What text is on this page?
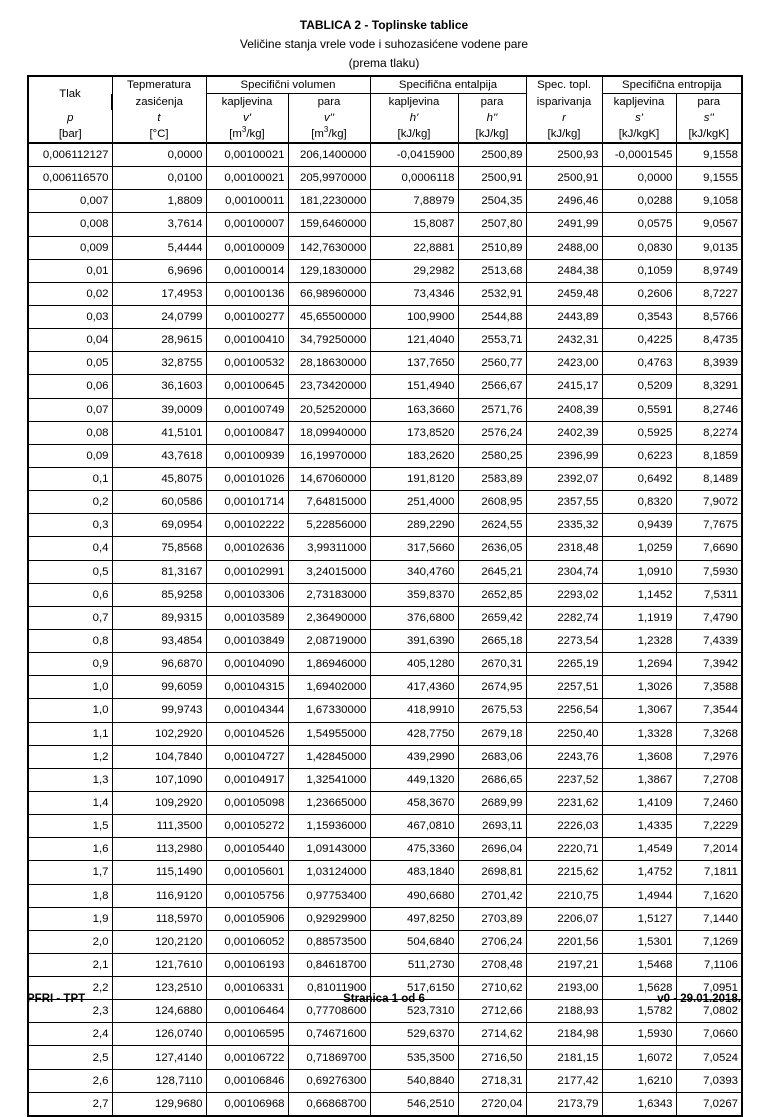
TABLICA 2 - Toplinske tablice
Veličine stanja vrele vode i suhozasićene vodene pare
(prema tlaku)
Tlak	Tepmeratura	Specifični volumen		Specifična entalpija		Spec. topl.	Specifična entropija	
	zasićenja	kapljevina	para	kapljevina	para	isparivanja	kapljevina	para
p	t	v'	v''	h'	h''	r	s'	s''
[bar]	[°C]	$[m^3/kg]$	$[m^3/kg]$	[kJ/kg]	[kJ/kg]	[kJ/kg]	[kJ/kgK]	[kJ/kgK]
0,006112127	0,0000	0,00100021	206,1400000	-0,0415900	2500,89	2500,93	-0,0001545	9,1558
0,006116570	0,0100	0,00100021	205,9970000	0,0006118	2500,91	2500,91	0,0000	9,1555
0,007	1,8809	0,00100011	181,2230000	7,88979	2504,35	2496,46	0,0288	9,1058
0,008	3,7614	0,00100007	159,6460000	15,8087	2507,80	2491,99	0,0575	9,0567
0,009	5,4444	0,00100009	142,7630000	22,8881	2510,89	2488,00	0,0830	9,0135
0,01	6,9696	0,00100014	129,1830000	29,2982	2513,68	2484,38	0,1059	8,9749
0,02	17,4953	0,00100136	66,98960000	73,4346	2532,91	2459,48	0,2606	8,7227
0,03	24,0799	0,00100277	45,65500000	100,9900	2544,88	2443,89	0,3543	8,5766
0,04	28,9615	0,00100410	34,79250000	121,4040	2553,71	2432,31	0,4225	8,4735
0,05	32,8755	0,00100532	28,18630000	137,7650	2560,77	2423,00	0,4763	8,3939
0,06	36,1603	0,00100645	23,73420000	151,4940	2566,67	2415,17	0,5209	8,3291
0,07	39,0009	0,00100749	20,52520000	163,3660	2571,76	2408,39	0,5591	8,2746
0,08	41,5101	0,00100847	18,09940000	173,8520	2576,24	2402,39	0,5925	8,2274
0,09	43,7618	0,00100939	16,19970000	183,2620	2580,25	2396,99	0,6223	8,1859
0,1	45,8075	0,00101026	14,67060000	191,8120	2583,89	2392,07	0,6492	8,1489
0,2	60,0586	0,00101714	7,64815000	251,4000	2608,95	2357,55	0,8320	7,9072
0,3	69,0954	0,00102222	5,22856000	289,2290	2624,55	2335,32	0,9439	7,7675
0,4	75,8568	0,00102636	3,99311000	317,5660	2636,05	2318,48	1,0259	7,6690
0,5	81,3167	0,00102991	3,24015000	340,4760	2645,21	2304,74	1,0910	7,5930
0,6	85,9258	0,00103306	2,73183000	359,8370	2652,85	2293,02	1,1452	7,5311
0,7	89,9315	0,00103589	2,36490000	376,6800	2659,42	2282,74	1,1919	7,4790
0,8	93,4854	0,00103849	2,08719000	391,6390	2665,18	2273,54	1,2328	7,4339
0,9	96,6870	0,00104090	1,86946000	405,1280	2670,31	2265,19	1,2694	7,3942
1,0	99,6059	0,00104315	1,69402000	417,4360	2674,95	2257,51	1,3026	7,3588
1,0	99,9743	0,00104344	1,67330000	418,9910	2675,53	2256,54	1,3067	7,3544
1,1	102,2920	0,00104526	1,54955000	428,7750	2679,18	2250,40	1,3328	7,3268
1,2	104,7840	0,00104727	1,42845000	439,2990	2683,06	2243,76	1,3608	7,2976
1,3	107,1090	0,00104917	1,32541000	449,1320	2686,65	2237,52	1,3867	7,2708
1,4	109,2920	0,00105098	1,23665000	458,3670	2689,99	2231,62	1,4109	7,2460
1,5	111,3500	0,00105272	1,15936000	467,0810	2693,11	2226,03	1,4335	7,2229
1,6	113,2980	0,00105440	1,09143000	475,3360	2696,04	2220,71	1,4549	7,2014
1,7	115,1490	0,00105601	1,03124000	483,1840	2698,81	2215,62	1,4752	7,1811
1,8	116,9120	0,00105756	0,97753400	490,6680	2701,42	2210,75	1,4944	7,1620
1,9	118,5970	0,00105906	0,92929900	497,8250	2703,89	2206,07	1,5127	7,1440
2,0	120,2120	0,00106052	0,88573500	504,6840	2706,24	2201,56	1,5301	7,1269
2,1	121,7610	0,00106193	0,84618700	511,2730	2708,48	2197,21	1,5468	7,1106
2,2	123,2510	0,00106331	0,81011900	517,6150	2710,62	2193,00	1,5628	7,0951
2,3	124,6880	0,00106464	0,77708600	523,7310	2712,66	2188,93	1,5782	7,0802
2,4	126,0740	0,00106595	0,74671600	529,6370	2714,62	2184,98	1,5930	7,0660
2,5	127,4140	0,00106722	0,71869700	535,3500	2716,50	2181,15	1,6072	7,0524
2,6	128,7110	0,00106846	0,69276300	540,8840	2718,31	2177,42	1,6210	7,0393
2,7	129,9680	0,00106968	0,66868700	546,2510	2720,04	2173,79	1,6343	7,0267
PFRI - TPT	Stranica 1 od 6	v0 - 29.01.2018.
